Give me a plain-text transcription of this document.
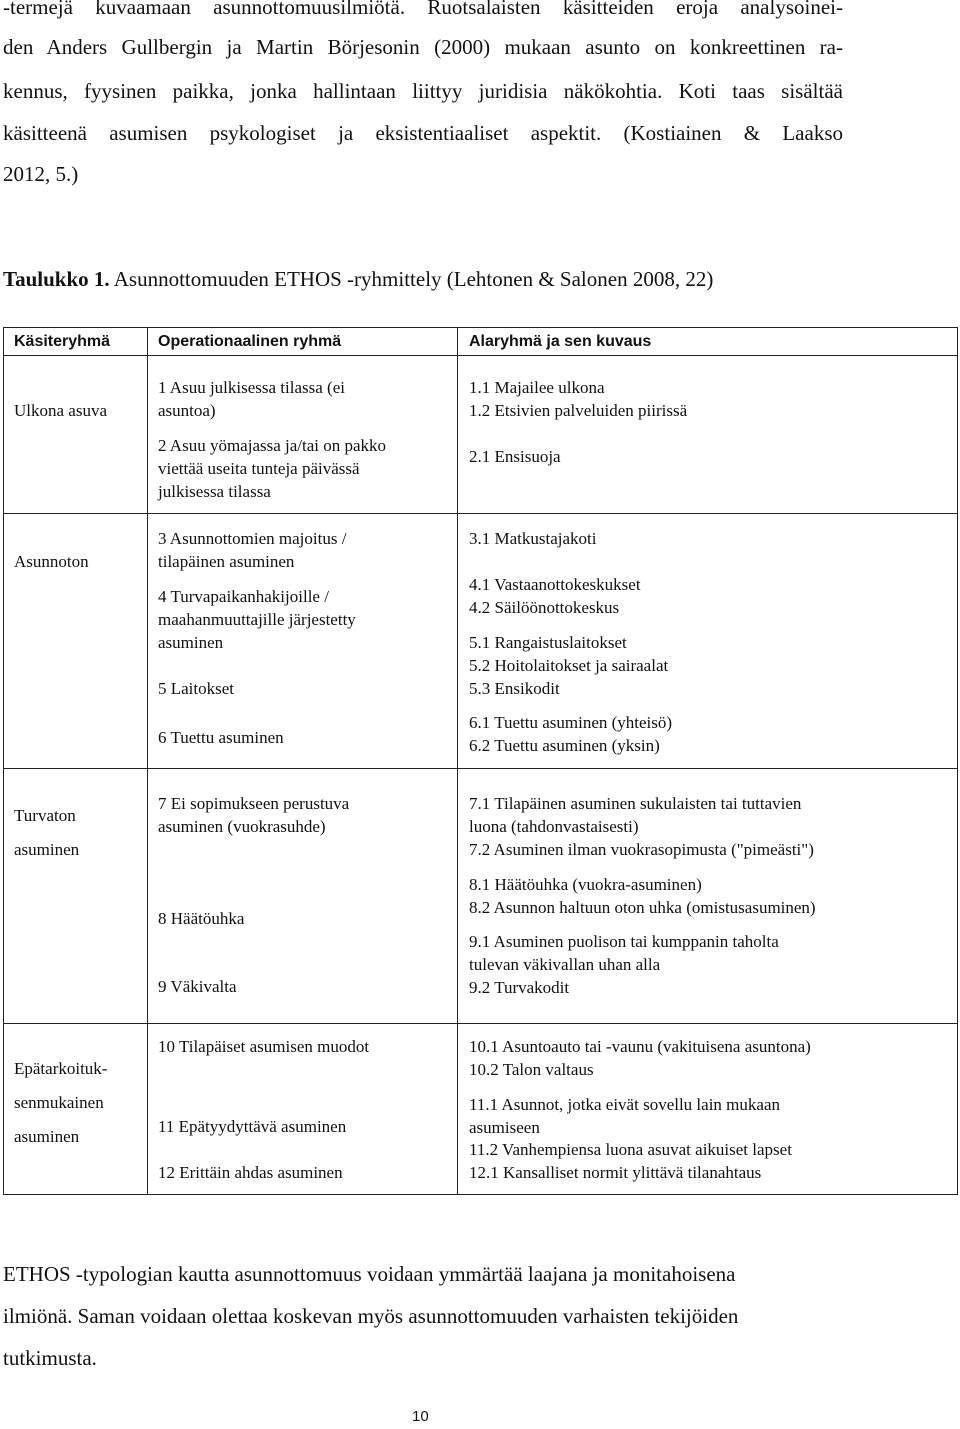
-termejä kuvaamaan asunnottomuusilmiötä. Ruotsalaisten käsitteiden eroja analysoinei-
den Anders Gullbergin ja Martin Börjesonin (2000) mukaan asunto on konkreettinen ra-
kennus, fyysinen paikka, jonka hallintaan liittyy juridisia näkökohtia. Koti taas sisältää
käsitteenä asumisen psykologiset ja eksistentiaaliset aspektit. (Kostiainen & Laakso
2012, 5.)
Taulukko 1. Asunnottomuuden ETHOS -ryhmittely (Lehtonen & Salonen 2008, 22)
Käsiteryhmä	Operationaalinen ryhmä	Alaryhmä ja sen kuvaus
Ulkona asuva
1 Asuu julkisessa tilassa (ei
asuntoa)
2 Asuu yömajassa ja/tai on pakko
viettää useita tunteja päivässä
julkisessa tilassa
1.1 Majailee ulkona
1.2 Etsivien palveluiden piirissä
2.1 Ensisuoja
Asunnoton
3 Asunnottomien majoitus /
tilapäinen asuminen
4 Turvapaikanhakijoille /
maahanmuuttajille järjestetty
asuminen
5 Laitokset
6 Tuettu asuminen
3.1 Matkustajakoti
4.1 Vastaanottokeskukset
4.2 Säilöönottokeskus
5.1 Rangaistuslaitokset
5.2 Hoitolaitokset ja sairaalat
5.3 Ensikodit
6.1 Tuettu asuminen (yhteisö)
6.2 Tuettu asuminen (yksin)
Turvaton
asuminen
7 Ei sopimukseen perustuva
asuminen (vuokrasuhde)
8 Häätöuhka
9 Väkivalta
7.1 Tilapäinen asuminen sukulaisten tai tuttavien
luona (tahdonvastaisesti)
7.2 Asuminen ilman vuokrasopimusta ("pimeästi")
8.1 Häätöuhka (vuokra-asuminen)
8.2 Asunnon haltuun oton uhka (omistusasuminen)
9.1 Asuminen puolison tai kumppanin taholta
tulevan väkivallan uhan alla
9.2 Turvakodit
Epätarkoituk-
senmukainen
asuminen
10 Tilapäiset asumisen muodot
11 Epätyydyttävä asuminen
12 Erittäin ahdas asuminen
10.1 Asuntoauto tai -vaunu (vakituisena asuntona)
10.2 Talon valtaus
11.1 Asunnot, jotka eivät sovellu lain mukaan
asumiseen
11.2 Vanhempiensa luona asuvat aikuiset lapset
12.1 Kansalliset normit ylittävä tilanahtaus
ETHOS -typologian kautta asunnottomuus voidaan ymmärtää laajana ja monitahoisena
ilmiönä. Saman voidaan olettaa koskevan myös asunnottomuuden varhaisten tekijöiden
tutkimusta.
10
